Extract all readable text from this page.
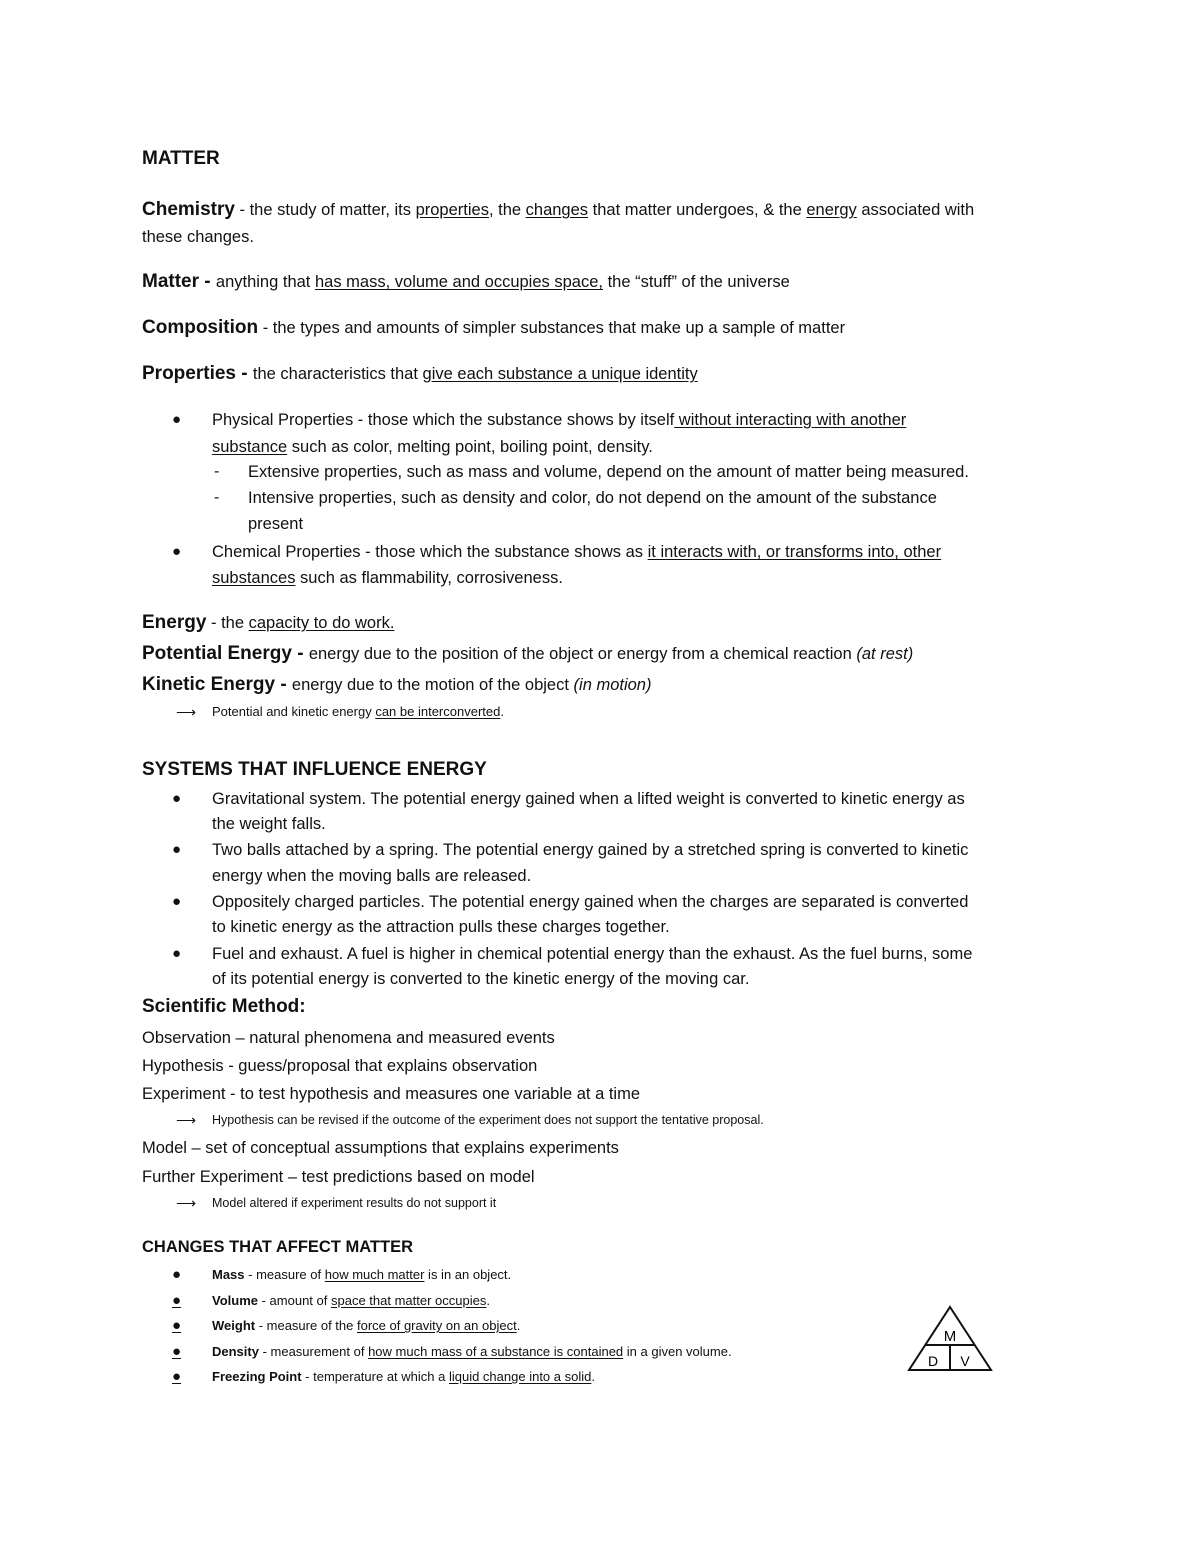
MATTER
Chemistry - the study of matter, its properties, the changes that matter undergoes, & the energy associated with
these changes.
Matter - anything that has mass, volume and occupies space, the “stuff” of the universe
Composition - the types and amounts of simpler substances that make up a sample of matter
Properties - the characteristics that give each substance a unique identity
● Physical Properties - those which the substance shows by itself without interacting with another
substance such as color, melting point, boiling point, density.
- Extensive properties, such as mass and volume, depend on the amount of matter being measured.
- Intensive properties, such as density and color, do not depend on the amount of the substance
present
● Chemical Properties - those which the substance shows as it interacts with, or transforms into, other
substances such as flammability, corrosiveness.
Energy - the capacity to do work.
Potential Energy - energy due to the position of the object or energy from a chemical reaction (at rest)
Kinetic Energy - energy due to the motion of the object (in motion)
⟶ Potential and kinetic energy can be interconverted.
SYSTEMS THAT INFLUENCE ENERGY
● Gravitational system. The potential energy gained when a lifted weight is converted to kinetic energy as
the weight falls.
● Two balls attached by a spring. The potential energy gained by a stretched spring is converted to kinetic
energy when the moving balls are released.
● Oppositely charged particles. The potential energy gained when the charges are separated is converted
to kinetic energy as the attraction pulls these charges together.
● Fuel and exhaust. A fuel is higher in chemical potential energy than the exhaust. As the fuel burns, some
of its potential energy is converted to the kinetic energy of the moving car.
Scientific Method:
Observation – natural phenomena and measured events
Hypothesis - guess/proposal that explains observation
Experiment - to test hypothesis and measures one variable at a time
⟶ Hypothesis can be revised if the outcome of the experiment does not support the tentative proposal.
Model – set of conceptual assumptions that explains experiments
Further Experiment – test predictions based on model
⟶ Model altered if experiment results do not support it
CHANGES THAT AFFECT MATTER
● Mass - measure of how much matter is in an object.
● Volume - amount of space that matter occupies.
● Weight - measure of the force of gravity on an object.
● Density - measurement of how much mass of a substance is contained in a given volume.
● Freezing Point - temperature at which a liquid change into a solid.
M
D V
